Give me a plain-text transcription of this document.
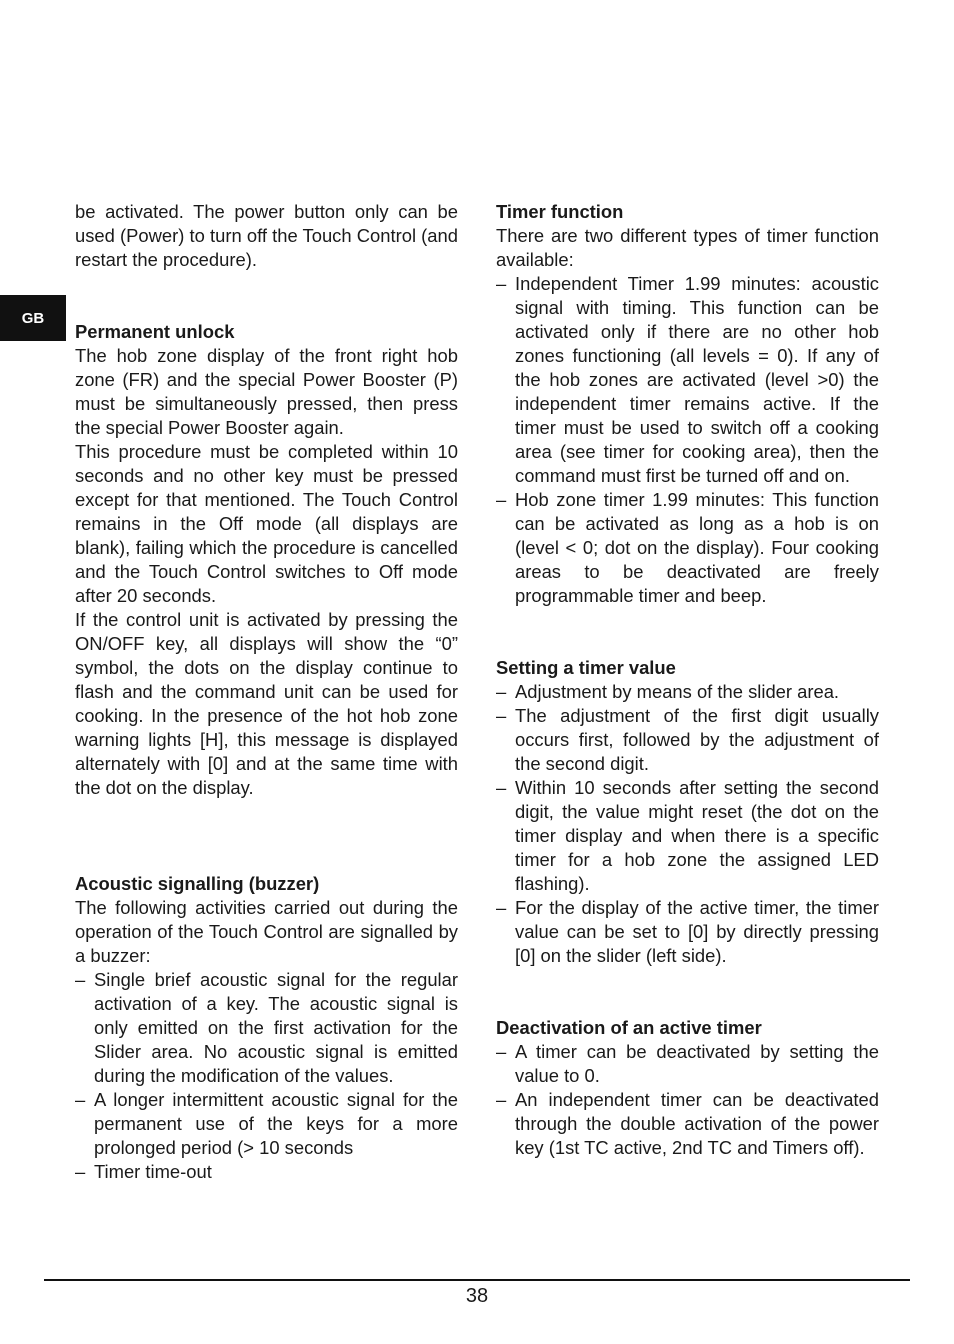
GB

be activated. The power button only can be used (Power) to turn off the Touch Control (and restart the procedure).

Permanent unlock

The hob zone display of the front right hob zone (FR) and the special Power Booster (P) must be simultaneously pressed, then press the special Power Booster again.

This procedure must be completed within 10 seconds and no other key must be pressed except for that mentioned. The Touch Control remains in the Off mode (all displays are blank), failing which the procedure is cancelled and the Touch Control switches to Off mode after 20 seconds.

If the control unit is activated by pressing the ON/OFF key, all displays will show the “0” symbol, the dots on the display continue to flash and the command unit can be used for cooking. In the presence of the hot hob zone warning lights [H], this message is displayed alternately with [0] and at the same time with the dot on the display.

Acoustic signalling (buzzer)

The following activities carried out during the operation of the Touch Control are signalled by a buzzer:

– Single brief acoustic signal for the regular activation of a key. The acoustic signal is only emitted on the first activation for the Slider area. No acoustic signal is emitted during the modification of the values.
– A longer intermittent acoustic signal for the permanent use of the keys for a more prolonged period (> 10 seconds
– Timer time-out
Timer function

There are two different types of timer function available:

– Independent Timer 1.99 minutes: acoustic signal with timing. This function can be activated only if there are no other hob zones functioning (all levels = 0). If any of the hob zones are activated (level >0) the independent timer remains active. If the timer must be used to switch off a cooking area (see timer for cooking area), then the command must first be turned off and on.
– Hob zone timer 1.99 minutes: This function can be activated as long as a hob is on (level < 0; dot on the display). Four cooking areas to be deactivated are freely programmable timer and beep.
Setting a timer value
– Adjustment by means of the slider area.
– The adjustment of the first digit usually occurs first, followed by the adjustment of the second digit.
– Within 10 seconds after setting the second digit, the value might reset (the dot on the timer display and when there is a specific timer for a hob zone the assigned LED flashing).
– For the display of the active timer, the timer value can be set to [0] by directly pressing [0] on the slider (left side).
Deactivation of an active timer
– A timer can be deactivated by setting the value to 0.
– An independent timer can be deactivated through the double activation of the power key (1st TC active, 2nd TC and Timers off).
38
